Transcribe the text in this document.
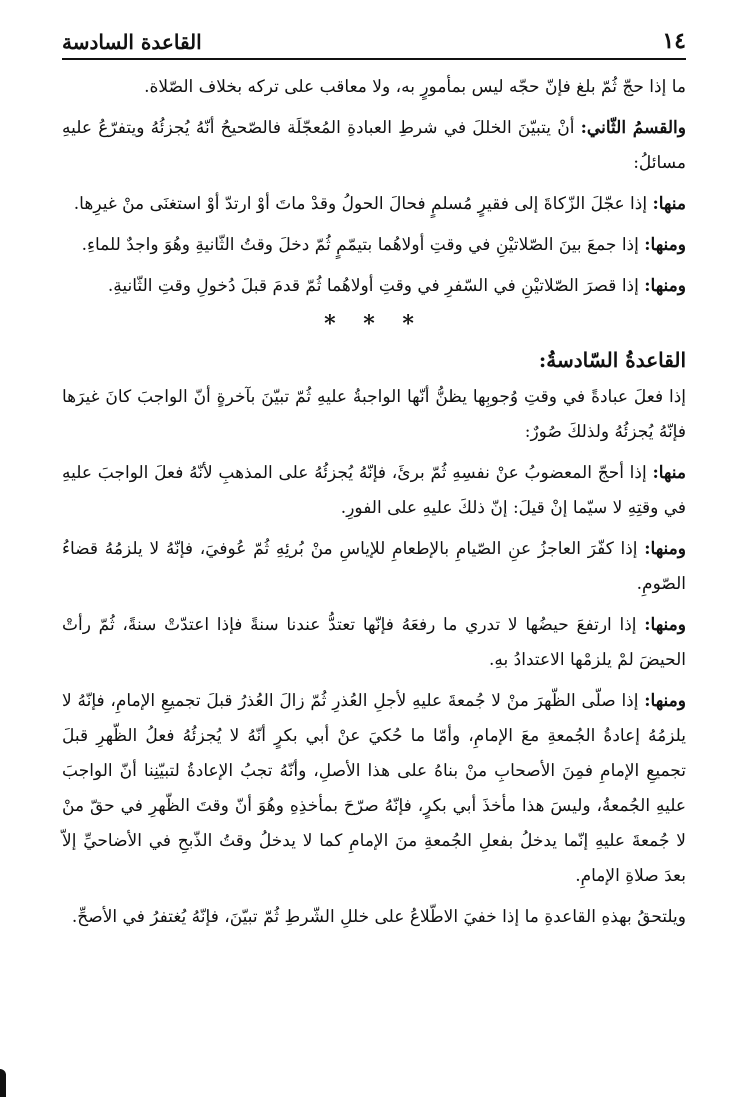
١٤
القاعدة السادسة

ما إذا حجّ ثُمّ بلغ فإنّ حجّه ليس بمأمورٍ به، ولا معاقب على تركه بخلاف الصّلاة.

والقسمُ الثّاني: أنْ يتبيّنَ الخللَ في شرطِ العبادةِ المُعجّلَة فالصّحيحُ أنّهُ يُجزئُهُ ويتفرّعُ عليهِ مسائلُ:

منها: إذا عجّلَ الزّكاةَ إلى فقيرٍ مُسلمٍ فحالَ الحولُ وقدْ ماتَ أوْ ارتدّ أوْ استغنَى منْ غيرِها.

ومنها: إذا جمعَ بينَ الصّلاتيْنِ في وقتِ أولاهُما بتيمّمٍ ثُمّ دخلَ وقتُ الثّانيةِ وهُوَ واجدٌ للماءِ.

ومنها: إذا قصرَ الصّلاتيْنِ في السّفرِ في وقتِ أولاهُما ثُمّ قدمَ قبلَ دُخولِ وقتِ الثّانيةِ.

* * *
القاعدةُ السّادسةُ:

إذا فعلَ عبادةً في وقتِ وُجوبِها يظنُّ أنّها الواجبةُ عليهِ ثُمّ تبيّنَ بآخرةٍ أنّ الواجبَ كانَ غيرَها فإنّهُ يُجزئُهُ ولذلكَ صُورٌ:

منها: إذا أحجّ المعضوبُ عنْ نفسِهِ ثُمّ برئَ، فإنّهُ يُجزئُهُ على المذهبِ لأنّهُ فعلَ الواجبَ عليهِ في وقتِهِ لا سيّما إنْ قيلَ: إنّ ذلكَ عليهِ على الفورِ.

ومنها: إذا كفّرَ العاجزُ عنِ الصّيامِ بالإطعامِ للإياسِ منْ بُرئِهِ ثُمّ عُوفيَ، فإنّهُ لا يلزمُهُ قضاءُ الصّومِ.

ومنها: إذا ارتفعَ حيضُها لا تدري ما رفعَهُ فإنّها تعتدُّ عندنا سنةً فإذا اعتدّتْ سنةً، ثُمّ رأتْ الحيضَ لمْ يلزمْها الاعتدادُ بهِ.

ومنها: إذا صلّى الظّهرَ منْ لا جُمعةَ عليهِ لأجلِ العُذرِ ثُمّ زالَ العُذرُ قبلَ تجميعِ الإمامِ، فإنّهُ لا يلزمُهُ إعادةُ الجُمعةِ معَ الإمامِ، وأمّا ما حُكيَ عنْ أبي بكرٍ أنّهُ لا يُجزئُهُ فعلُ الظّهرِ قبلَ تجميعِ الإمامِ فمِنَ الأصحابِ منْ بناهُ على هذا الأصلِ، وأنّهُ تجبُ الإعادةُ لتبيّنِنا أنّ الواجبَ عليهِ الجُمعةُ، وليسَ هذا مأخذَ أبي بكرٍ، فإنّهُ صرّحَ بمأخذِهِ وهُوَ أنّ وقتَ الظّهرِ في حقّ منْ لا جُمعةَ عليهِ إنّما يدخلُ بفعلِ الجُمعةِ منَ الإمامِ كما لا يدخلُ وقتُ الذّبحِ في الأضاحيِّ إلاّ بعدَ صلاةِ الإمامِ.

ويلتحقُ بهذهِ القاعدةِ ما إذا خفيَ الاطّلاعُ على خللِ الشّرطِ ثُمّ تبيّنَ، فإنّهُ يُغتفرُ في الأصحِّ.
